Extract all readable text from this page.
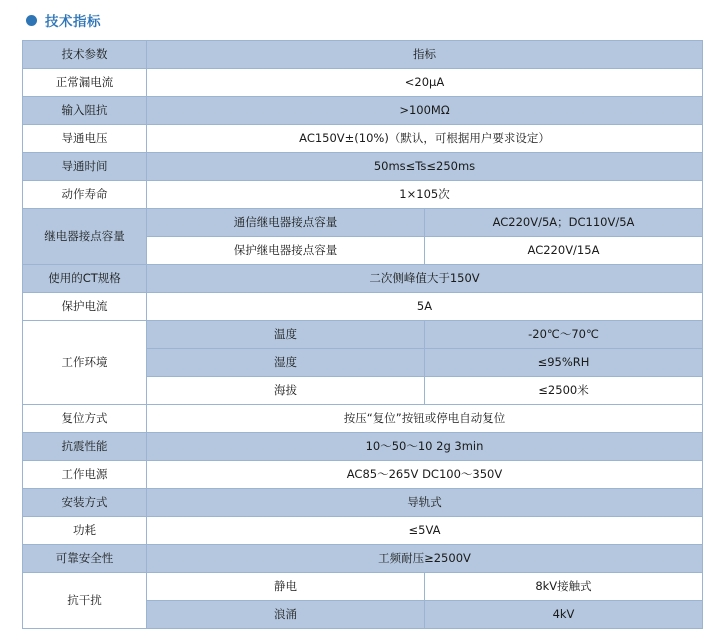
技术指标
技术参数	指标	
正常漏电流	<20μA	
输入阻抗	>100MΩ	
导通电压	AC150V±(10%)（默认，可根据用户要求设定）	
导通时间	50ms≤Ts≤250ms	
动作寿命	1×105次	
继电器接点容量	通信继电器接点容量	AC220V/5A；DC110V/5A
	保护继电器接点容量	AC220V/15A
使用的CT规格	二次侧峰值大于150V	
保护电流	5A	
工作环境	温度	-20℃～70℃
	湿度	≤95%RH
	海拔	≤2500米
复位方式	按压“复位”按钮或停电自动复位	
抗震性能	10～50～10 2g 3min	
工作电源	AC85～265V DC100～350V	
安装方式	导轨式	
功耗	≤5VA	
可靠安全性	工频耐压≥2500V	
抗干扰	静电	8kV接触式
	浪涌	4kV
